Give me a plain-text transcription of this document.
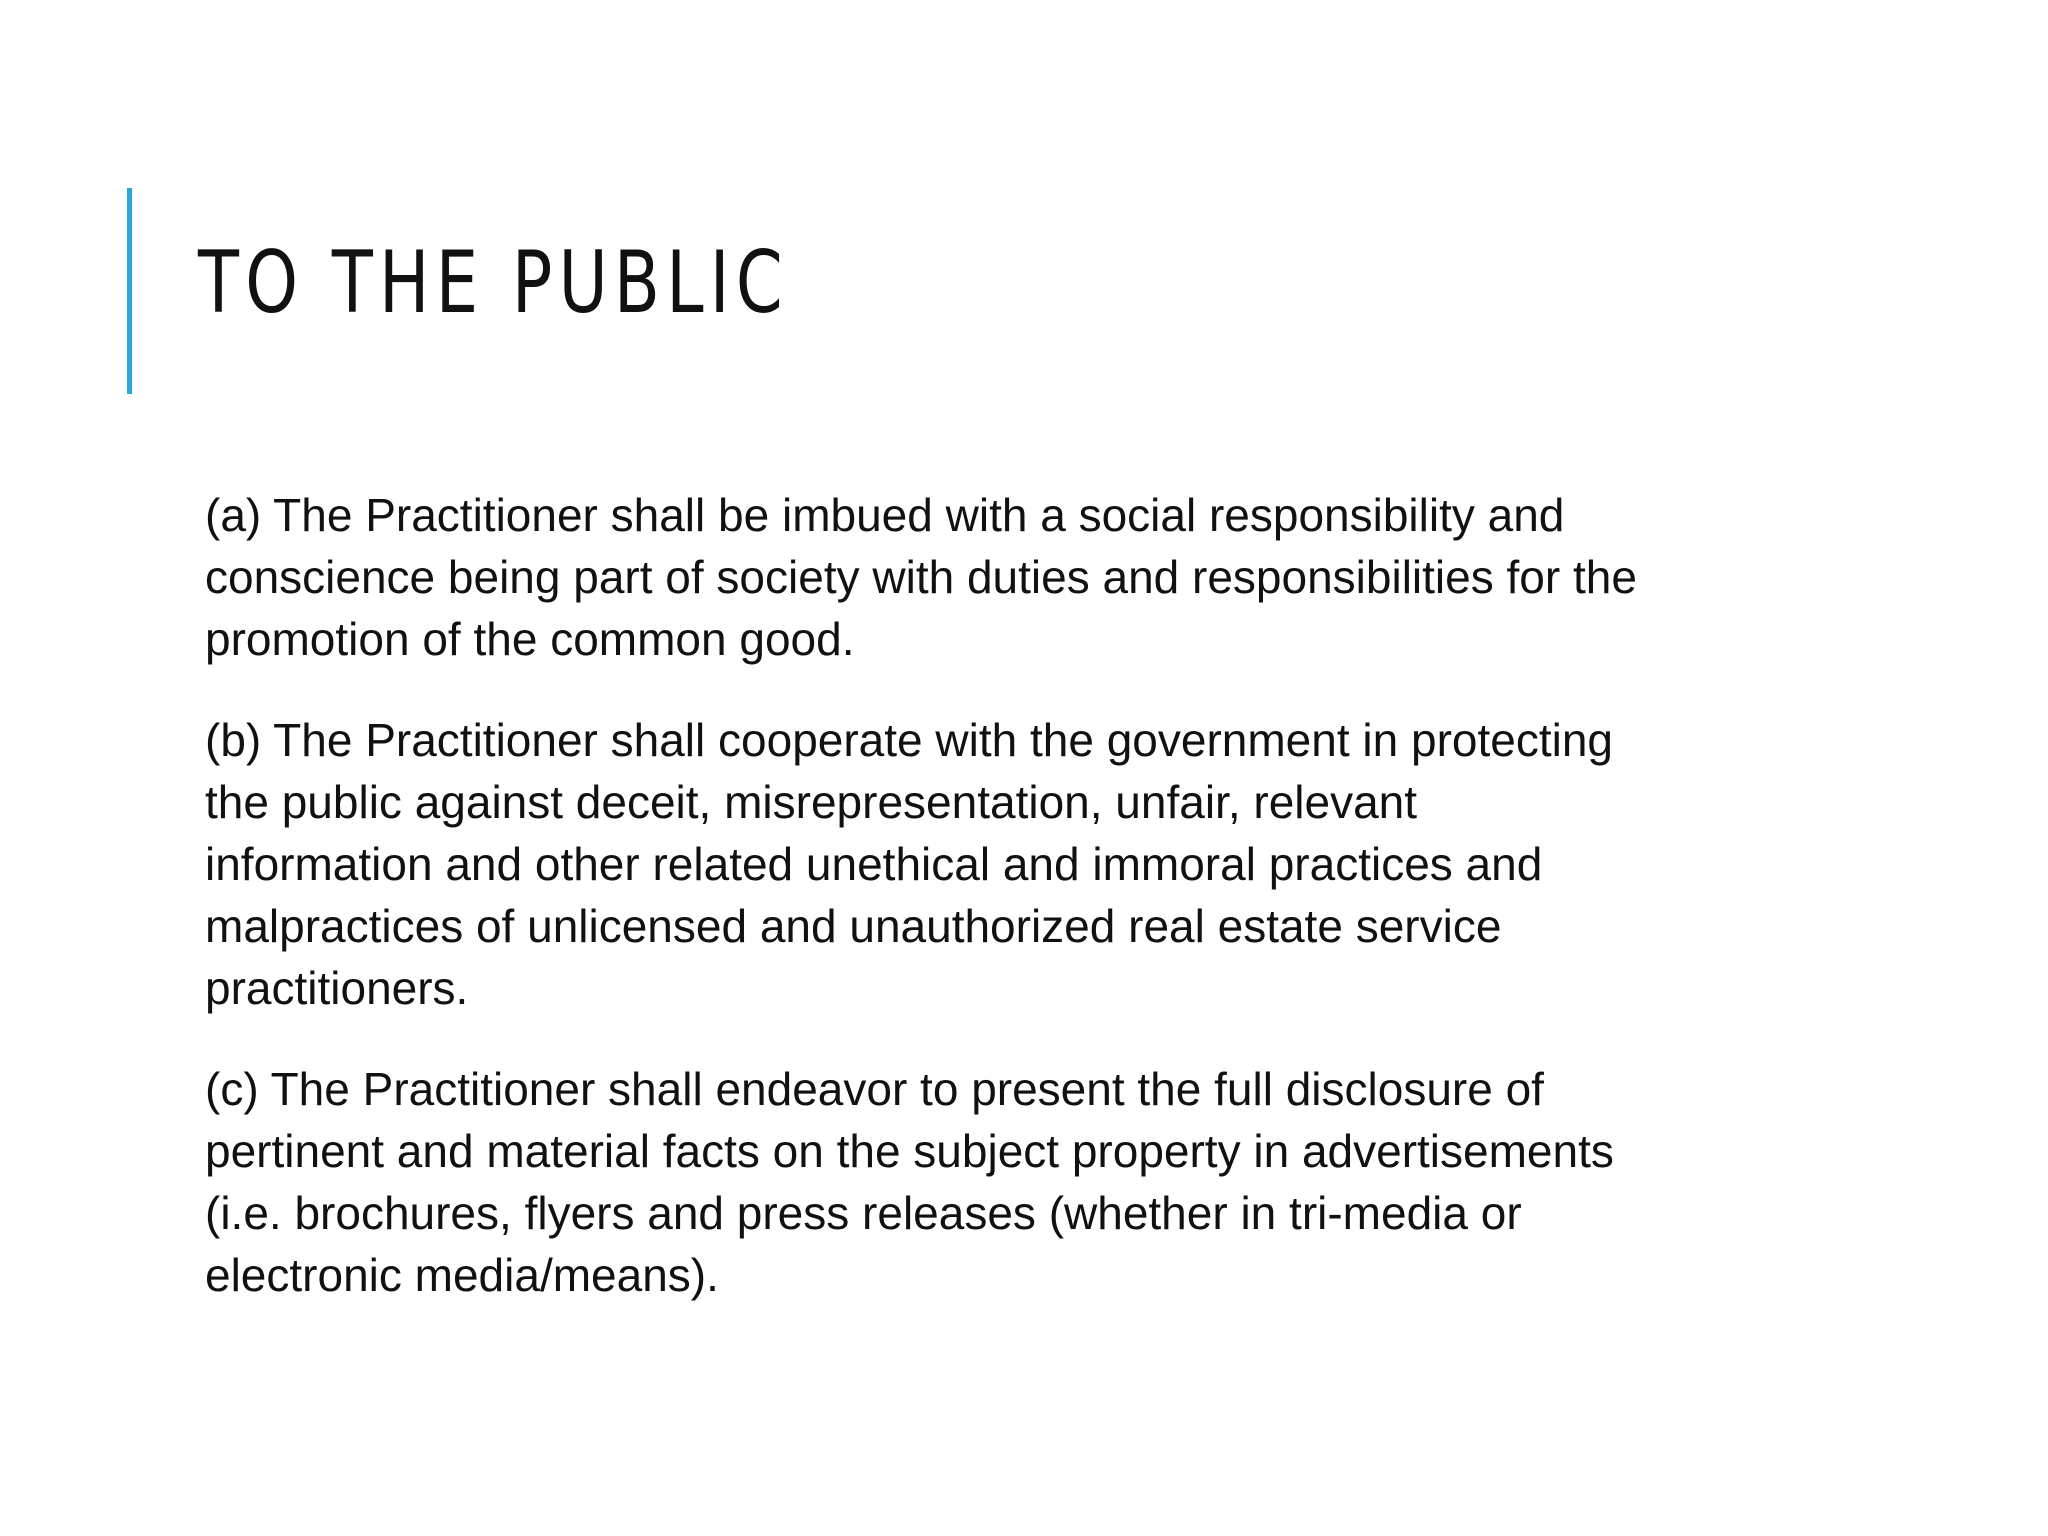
TO THE PUBLIC

(a) The Practitioner shall be imbued with a social responsibility and
conscience being part of society with duties and responsibilities for the
promotion of the common good.

(b) The Practitioner shall cooperate with the government in protecting
the public against deceit, misrepresentation, unfair, relevant
information and other related unethical and immoral practices and
malpractices of unlicensed and unauthorized real estate service
practitioners.

(c) The Practitioner shall endeavor to present the full disclosure of
pertinent and material facts on the subject property in advertisements
(i.e. brochures, flyers and press releases (whether in tri-media or
electronic media/means).
